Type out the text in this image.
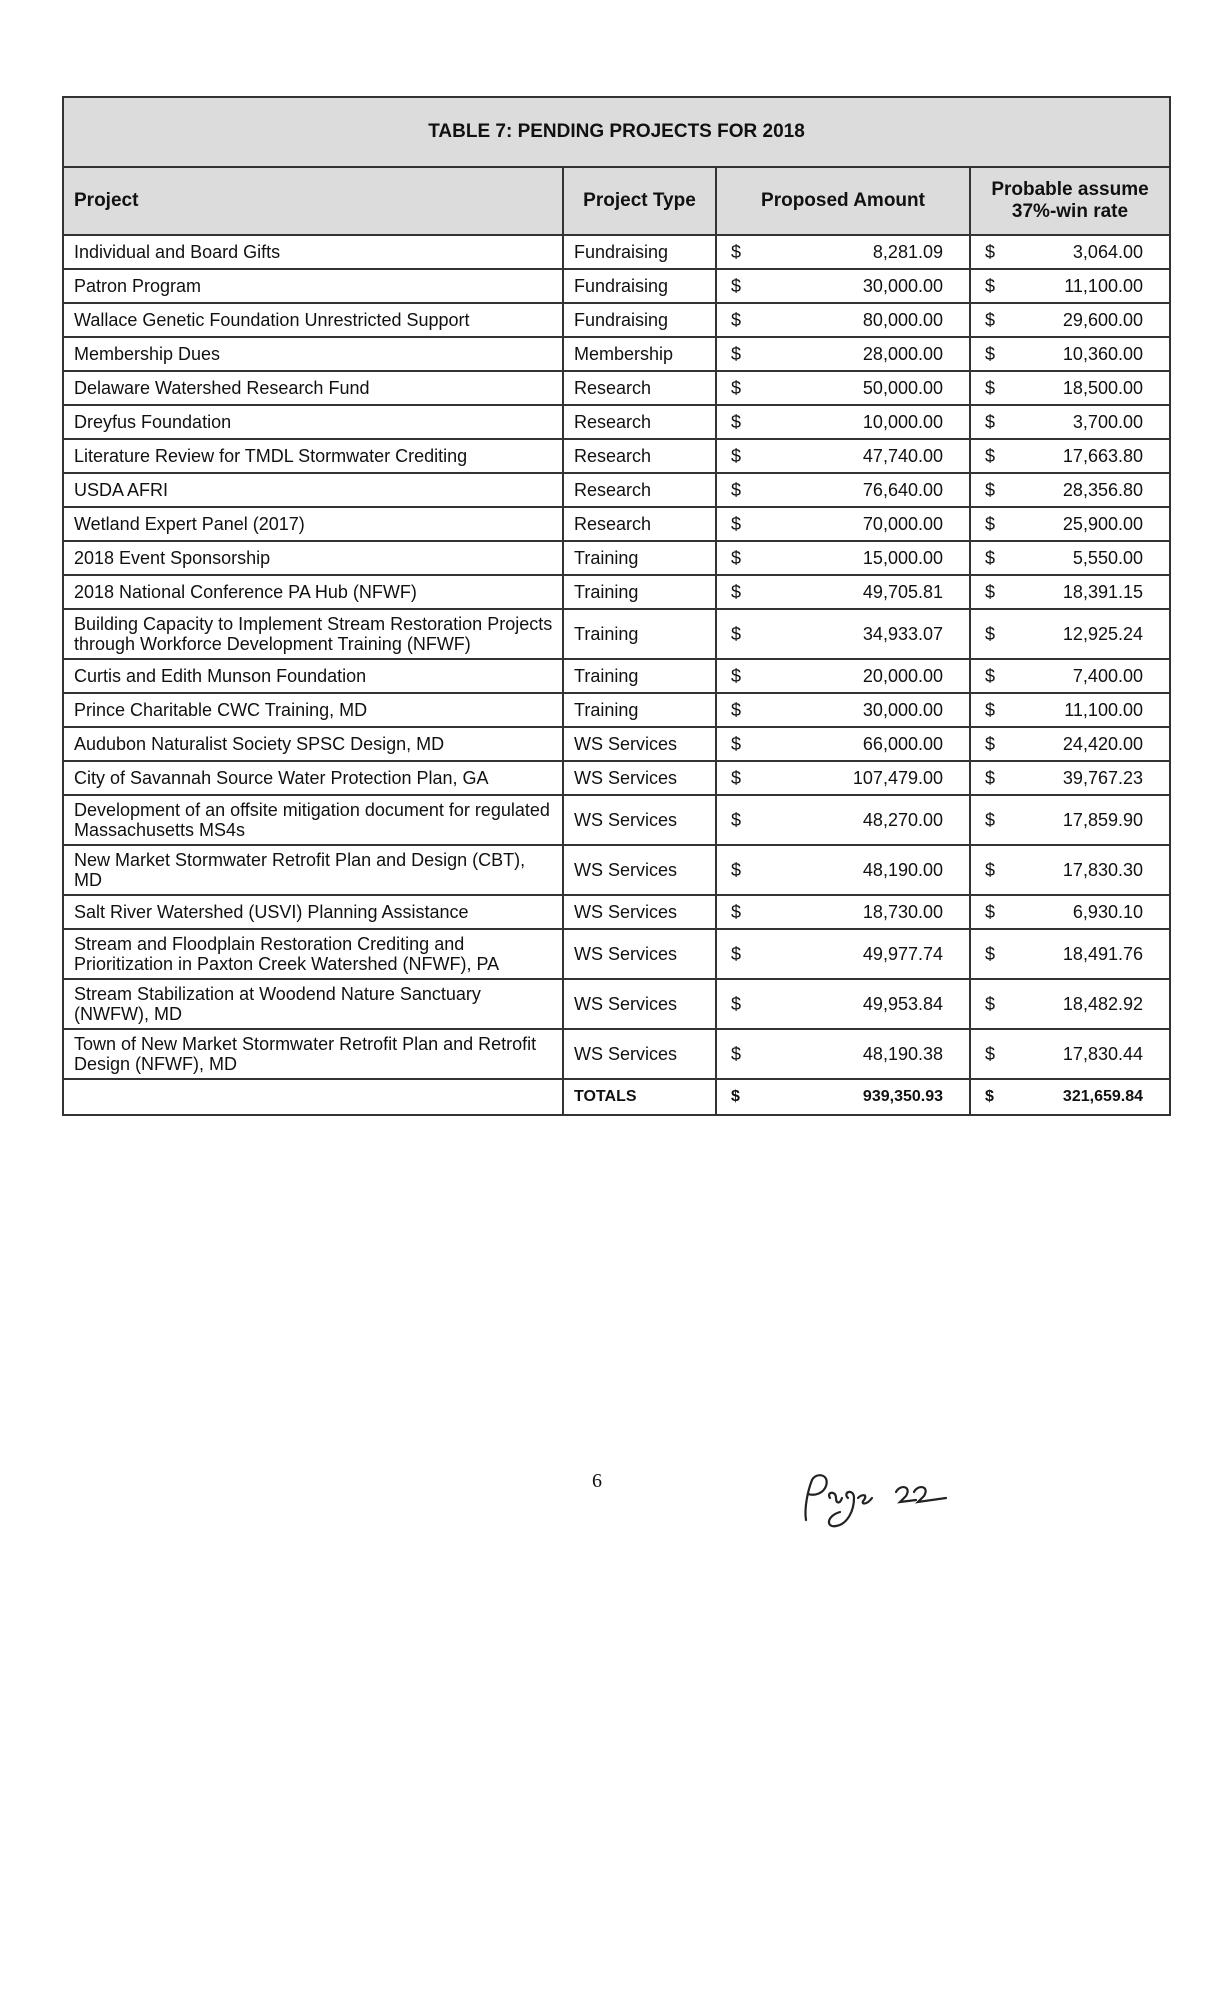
TABLE 7: PENDING PROJECTS FOR 2018			
Project	Project Type	Proposed Amount	Probable assume
37%-win rate

Individual and Board Gifts	Fundraising	$ 8,281.09	$ 3,064.00

Patron Program	Fundraising	$ 30,000.00	$ 11,100.00

Wallace Genetic Foundation Unrestricted Support	Fundraising	$ 80,000.00	$ 29,600.00

Membership Dues	Membership	$ 28,000.00	$ 10,360.00

Delaware Watershed Research Fund	Research	$ 50,000.00	$ 18,500.00

Dreyfus Foundation	Research	$ 10,000.00	$ 3,700.00

Literature Review for TMDL Stormwater Crediting	Research	$ 47,740.00	$ 17,663.80

USDA AFRI	Research	$ 76,640.00	$ 28,356.80

Wetland Expert Panel (2017)	Research	$ 70,000.00	$ 25,900.00

2018 Event Sponsorship	Training	$ 15,000.00	$ 5,550.00

2018 National Conference PA Hub (NFWF)	Training	$ 49,705.81	$ 18,391.15

Building Capacity to Implement Stream Restoration Projects through Workforce Development Training (NFWF)	Training	$ 34,933.07	$ 12,925.24

Curtis and Edith Munson Foundation	Training	$ 20,000.00	$ 7,400.00

Prince Charitable CWC Training, MD	Training	$ 30,000.00	$ 11,100.00

Audubon Naturalist Society SPSC Design, MD	WS Services	$ 66,000.00	$ 24,420.00

City of Savannah Source Water Protection Plan, GA	WS Services	$ 107,479.00	$ 39,767.23

Development of an offsite mitigation document for regulated Massachusetts MS4s	WS Services	$ 48,270.00	$ 17,859.90

New Market Stormwater Retrofit Plan and Design (CBT), MD	WS Services	$ 48,190.00	$ 17,830.30

Salt River Watershed (USVI) Planning Assistance	WS Services	$ 18,730.00	$ 6,930.10

Stream and Floodplain Restoration Crediting and Prioritization in Paxton Creek Watershed (NFWF), PA	WS Services	$ 49,977.74	$ 18,491.76

Stream Stabilization at Woodend Nature Sanctuary (NWFW), MD	WS Services	$ 49,953.84	$ 18,482.92

Town of New Market Stormwater Retrofit Plan and Retrofit Design (NFWF), MD	WS Services	$ 48,190.38	$ 17,830.44

	TOTALS	$ 939,350.93	$ 321,659.84
6
